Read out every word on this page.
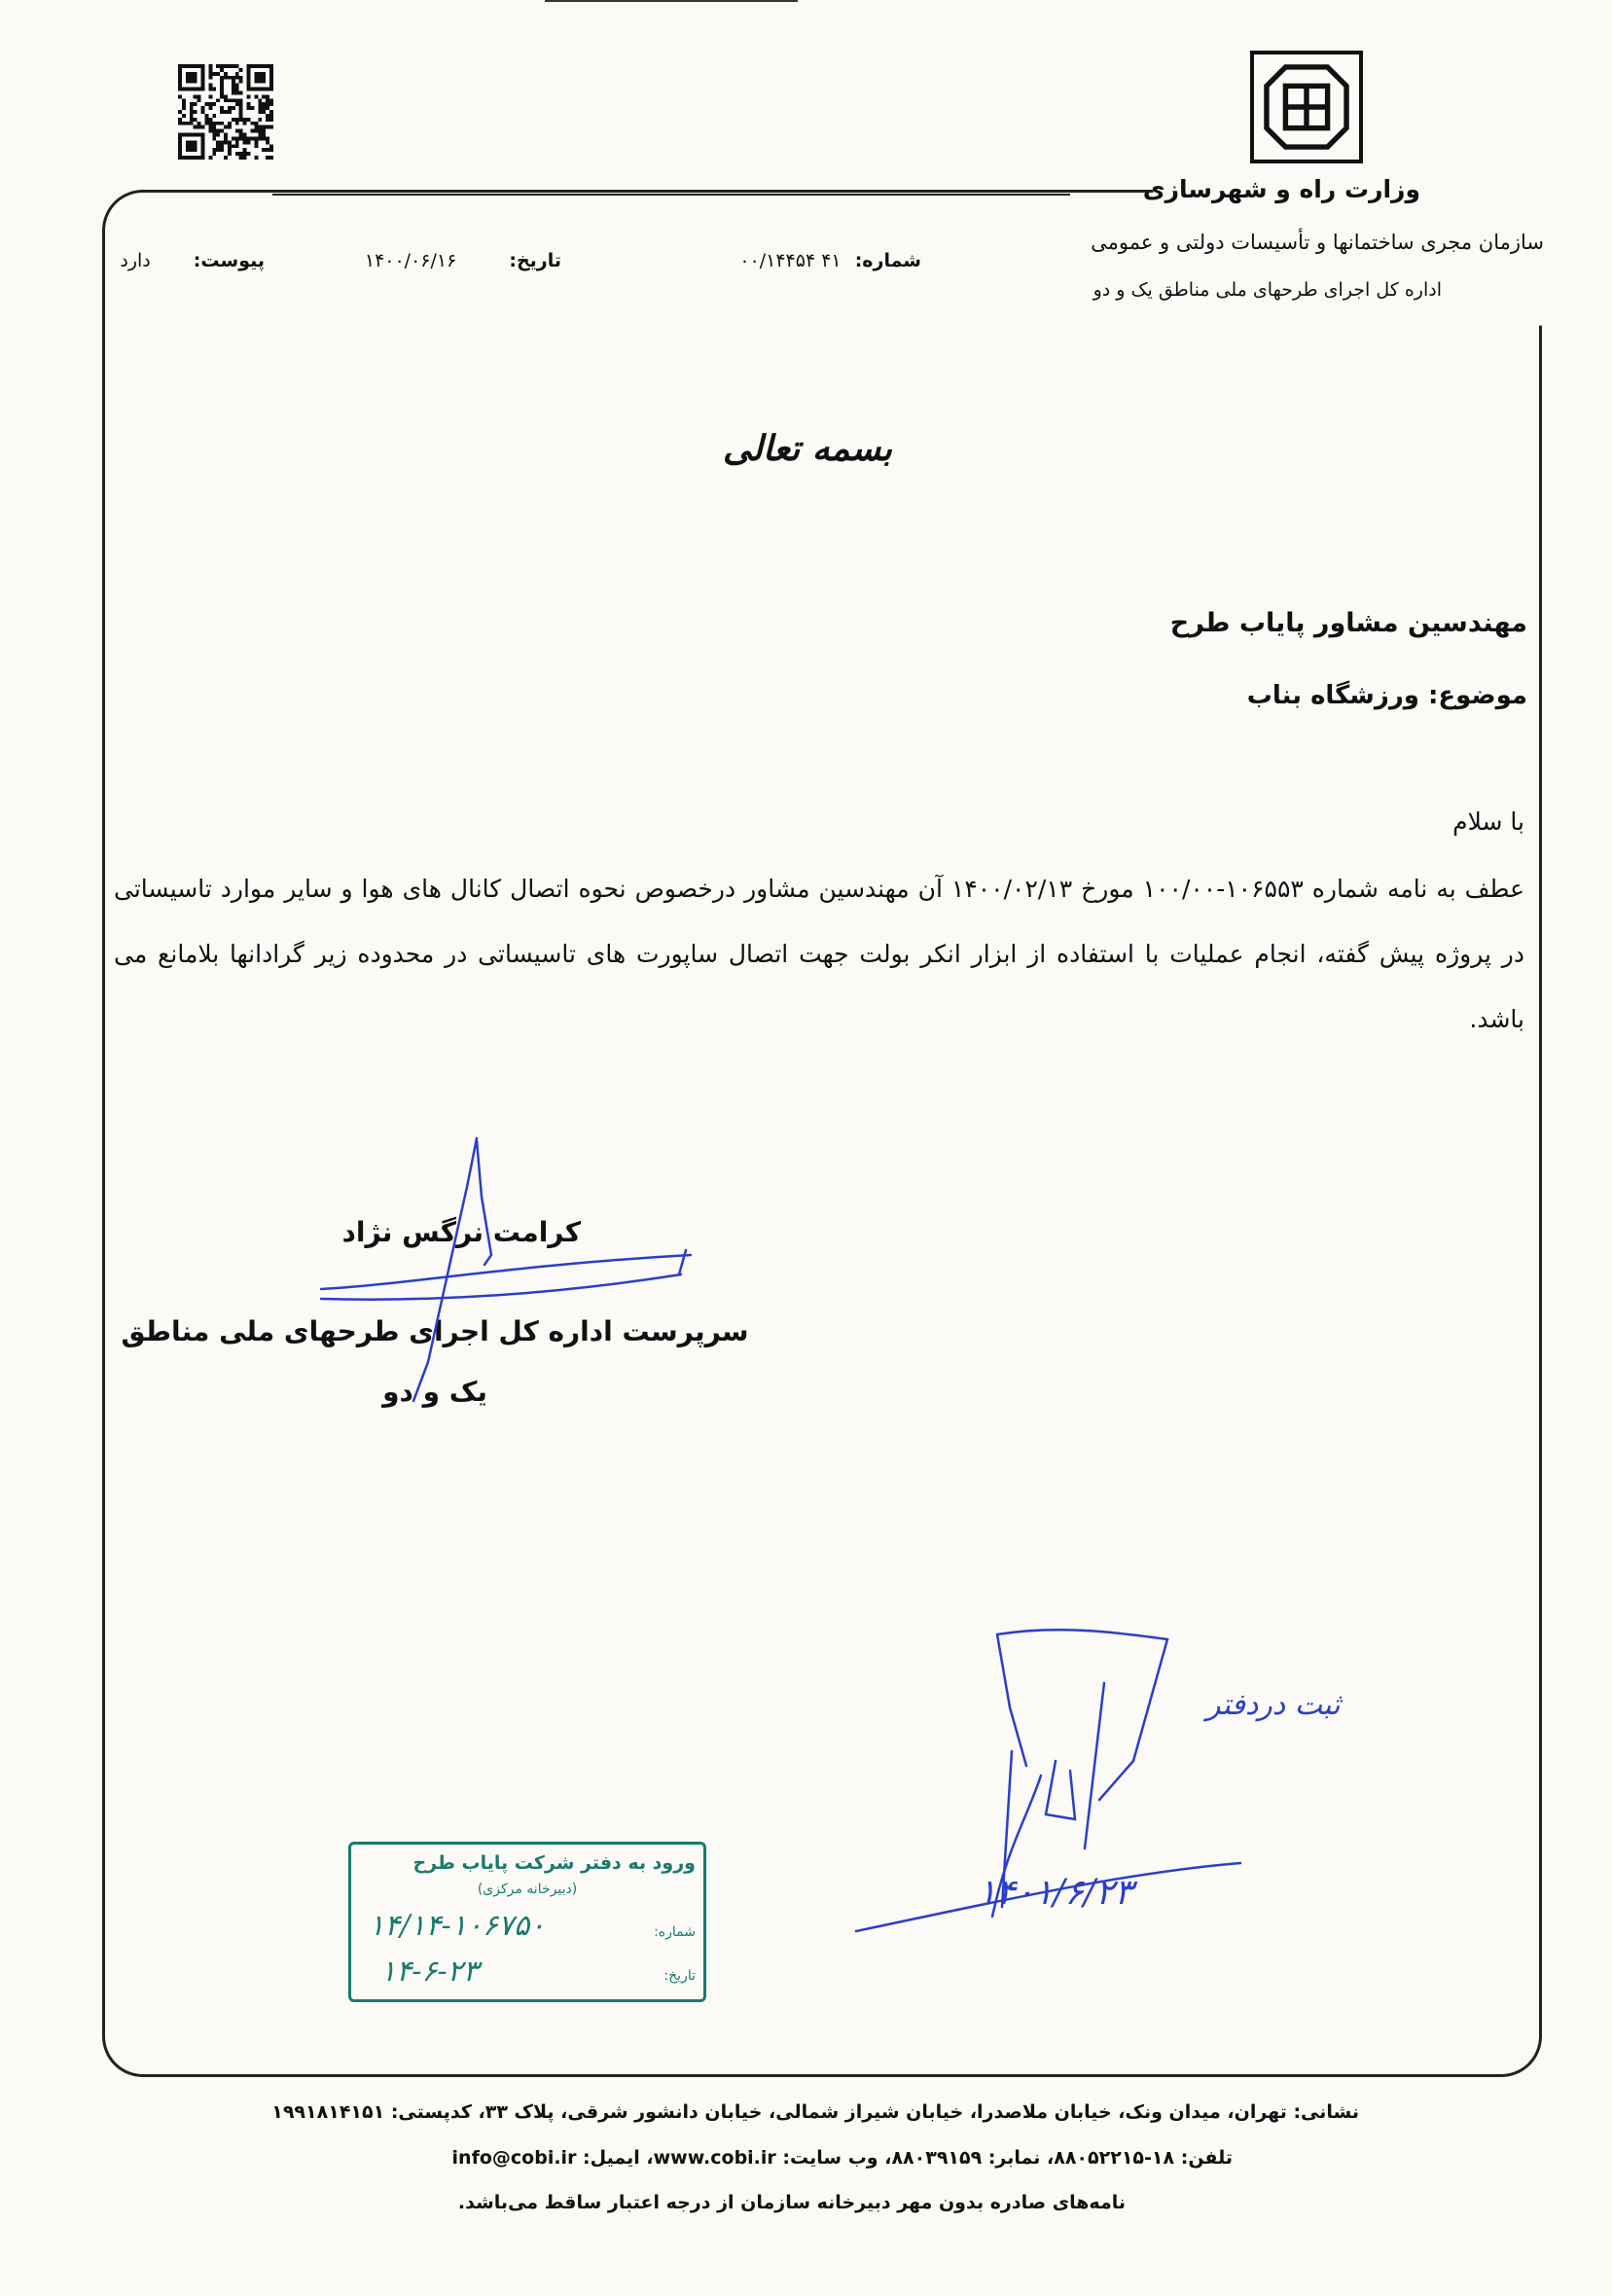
وزارت راه و شهرسازی
سازمان مجری ساختمانها و تأسیسات دولتی و عمومی
اداره کل اجرای طرحهای ملی مناطق یک و دو
شماره: ۴۱ ۰۰/۱۴۴۵۴
تاریخ: ۱۴۰۰/۰۶/۱۶
پیوست: دارد
بسمه تعالی
مهندسین مشاور پایاب طرح
موضوع: ورزشگاه بناب
با سلام
عطف به نامه شماره ۱۰۶۵۵۳-۱۰۰/۰۰ مورخ ۱۴۰۰/۰۲/۱۳ آن مهندسین مشاور درخصوص نحوه اتصال کانال های هوا و سایر موارد تاسیساتی در پروژه پیش گفته، انجام عملیات با استفاده از ابزار انکر بولت جهت اتصال ساپورت های تاسیساتی در محدوده زیر گرادانها بلامانع می باشد.
کرامت نرگس نژاد
سرپرست اداره کل اجرای طرحهای ملی مناطق یک و دو
ثبت دردفتر
۱۴۰۱/۶/۲۳
ورود به دفتر شرکت پایاب طرح
(دبیرخانه مرکزی)
شماره:
۱۴/۱۴-۱۰۶۷۵۰
تاریخ:
۱۴-۶-۲۳
نشانی: تهران، میدان ونک، خیابان ملاصدرا، خیابان شیراز شمالی، خیابان دانشور شرقی، پلاک ۳۳، کدپستی: ۱۹۹۱۸۱۴۱۵۱
تلفن: ۱۸-۸۸۰۵۲۲۱۵، نمابر: ۸۸۰۳۹۱۵۹، وب سایت: www.cobi.ir، ایمیل: info@cobi.ir
نامه‌های صادره بدون مهر دبیرخانه سازمان از درجه اعتبار ساقط می‌باشد.
